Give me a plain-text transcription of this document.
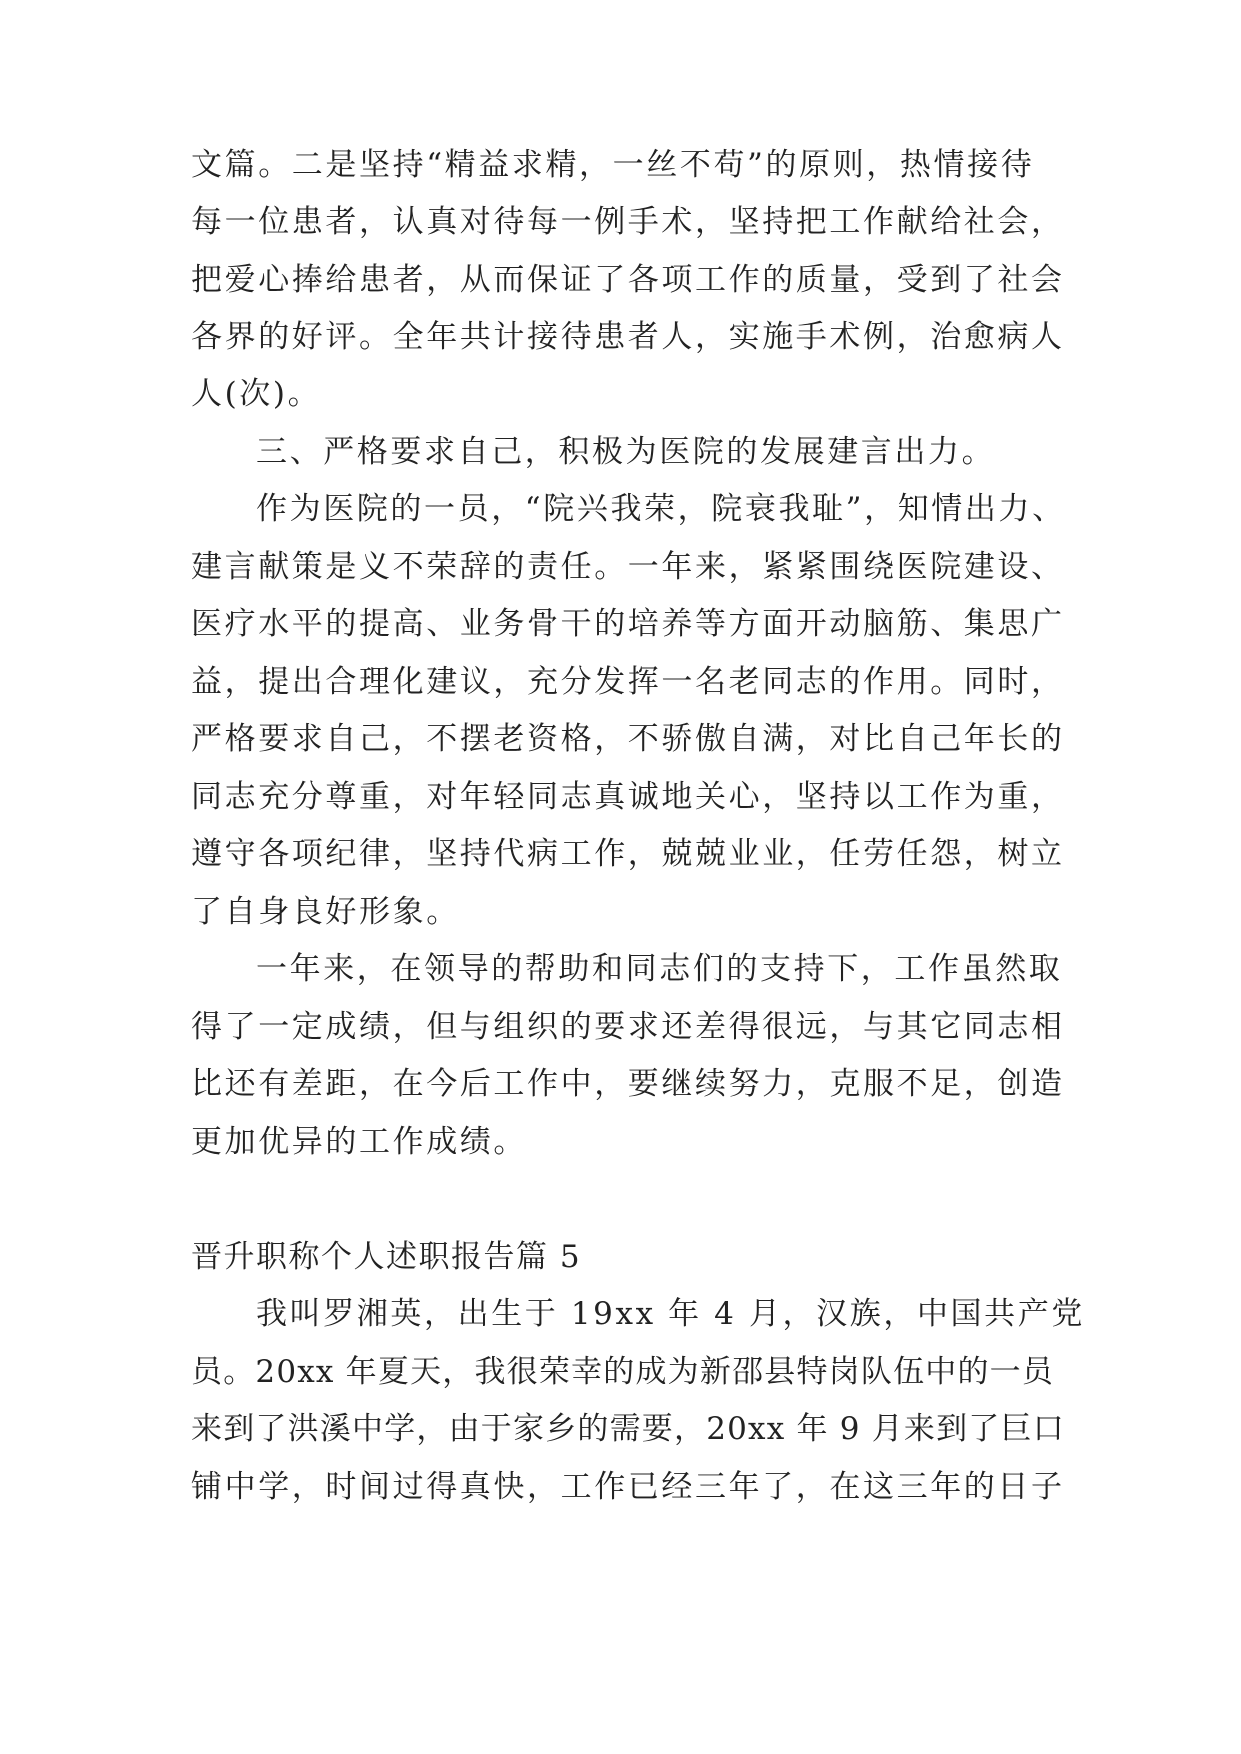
文篇。二是坚持“精益求精，一丝不苟”的原则，热情接待
每一位患者，认真对待每一例手术，坚持把工作献给社会，
把爱心捧给患者，从而保证了各项工作的质量，受到了社会
各界的好评。全年共计接待患者人，实施手术例，治愈病人
人(次)。
三、严格要求自己，积极为医院的发展建言出力。
作为医院的一员，“院兴我荣，院衰我耻”，知情出力、
建言献策是义不荣辞的责任。一年来，紧紧围绕医院建设、
医疗水平的提高、业务骨干的培养等方面开动脑筋、集思广
益，提出合理化建议，充分发挥一名老同志的作用。同时，
严格要求自己，不摆老资格，不骄傲自满，对比自己年长的
同志充分尊重，对年轻同志真诚地关心，坚持以工作为重，
遵守各项纪律，坚持代病工作，兢兢业业，任劳任怨，树立
了自身良好形象。
一年来，在领导的帮助和同志们的支持下，工作虽然取
得了一定成绩，但与组织的要求还差得很远，与其它同志相
比还有差距，在今后工作中，要继续努力，克服不足，创造
更加优异的工作成绩。
晋升职称个人述职报告篇 5
我叫罗湘英，出生于 19xx 年 4 月，汉族，中国共产党
员。20xx 年夏天，我很荣幸的成为新邵县特岗队伍中的一员
来到了洪溪中学，由于家乡的需要，20xx 年 9 月来到了巨口
铺中学，时间过得真快，工作已经三年了，在这三年的日子
